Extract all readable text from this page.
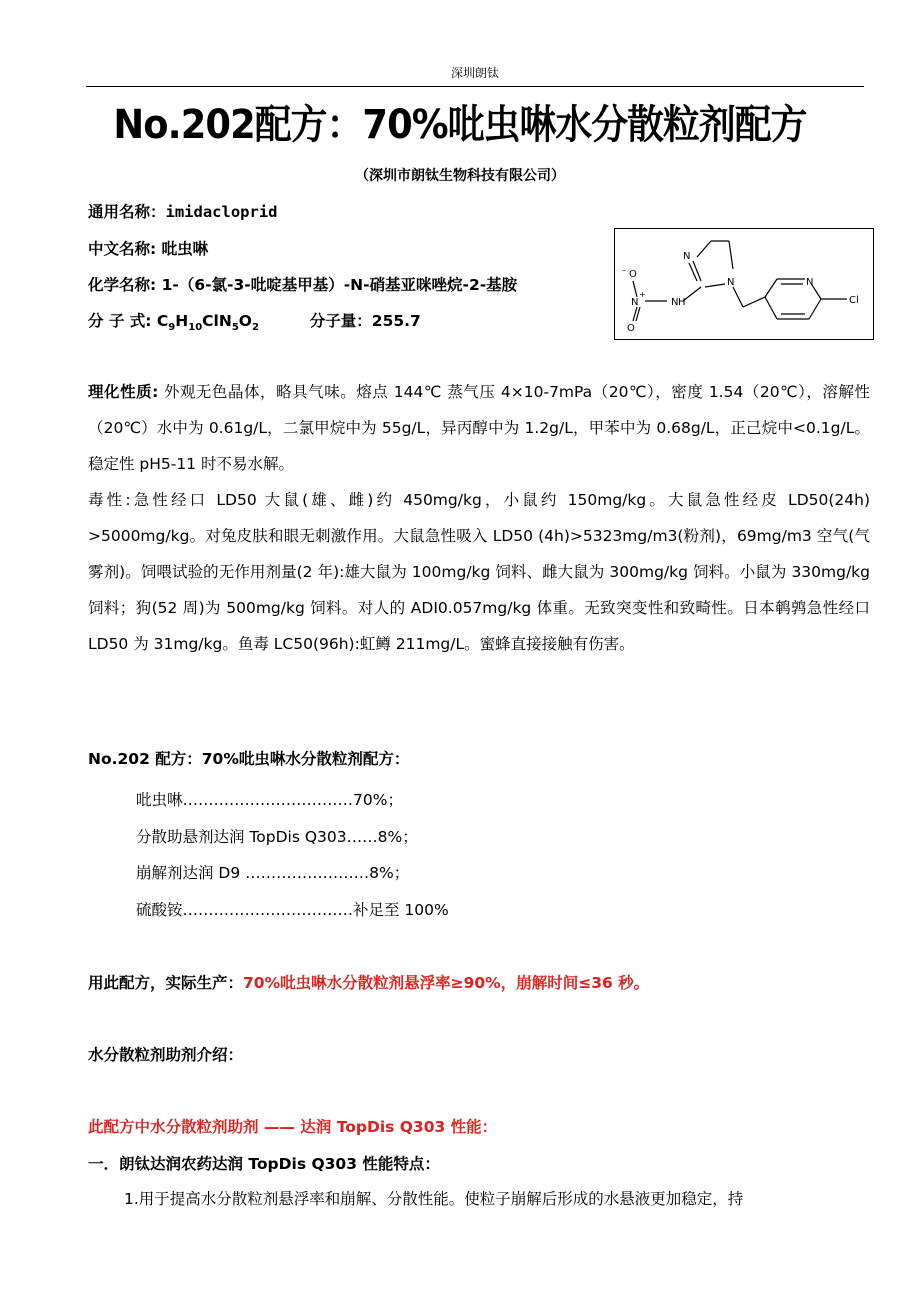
深圳朗钛
No.202配方：70%吡虫啉水分散粒剂配方
（深圳市朗钛生物科技有限公司）
通用名称：imidacloprid
中文名称: 吡虫啉
化学名称: 1-（6-氯-3-吡啶基甲基）-N-硝基亚咪唑烷-2-基胺
分 子 式: $C_9H_{10}ClN_5O_2$	分子量：255.7
N
N
N H
N
+
O
–
O
N
Cl
理化性质: 外观无色晶体，略具气味。熔点 144℃ 蒸气压 4×10-7mPa（20℃），密度 1.54（20℃），溶解性（20℃）水中为 0.61g/L，二氯甲烷中为 55g/L，异丙醇中为 1.2g/L，甲苯中为 0.68g/L，正己烷中<0.1g/L。稳定性 pH5-11 时不易水解。
毒性:急性经口 LD50 大鼠(雄、雌)约 450mg/kg，小鼠约 150mg/kg。大鼠急性经皮 LD50(24h) >5000mg/kg。对兔皮肤和眼无刺激作用。大鼠急性吸入 LD50 (4h)>5323mg/m3(粉剂)，69mg/m3 空气(气雾剂)。饲喂试验的无作用剂量(2 年):雄大鼠为 100mg/kg 饲料、雌大鼠为 300mg/kg 饲料。小鼠为 330mg/kg 饲料；狗(52 周)为 500mg/kg 饲料。对人的 ADI0.057mg/kg 体重。无致突变性和致畸性。日本鹌鹑急性经口 LD50 为 31mg/kg。鱼毒 LC50(96h):虹鳟 211mg/L。蜜蜂直接接触有伤害。
No.202 配方：70%吡虫啉水分散粒剂配方：
吡虫啉……………………………70%；
分散助悬剂达润 TopDis Q303……8%；
崩解剂达润 D9 ……………………8%；
硫酸铵……………………………补足至 100%
用此配方，实际生产：70%吡虫啉水分散粒剂悬浮率≥90%，崩解时间≤36 秒。
水分散粒剂助剂介绍：
此配方中水分散粒剂助剂 —— 达润 TopDis Q303 性能：
一．朗钛达润农药达润 TopDis Q303 性能特点：
1.用于提高水分散粒剂悬浮率和崩解、分散性能。使粒子崩解后形成的水悬液更加稳定，持
